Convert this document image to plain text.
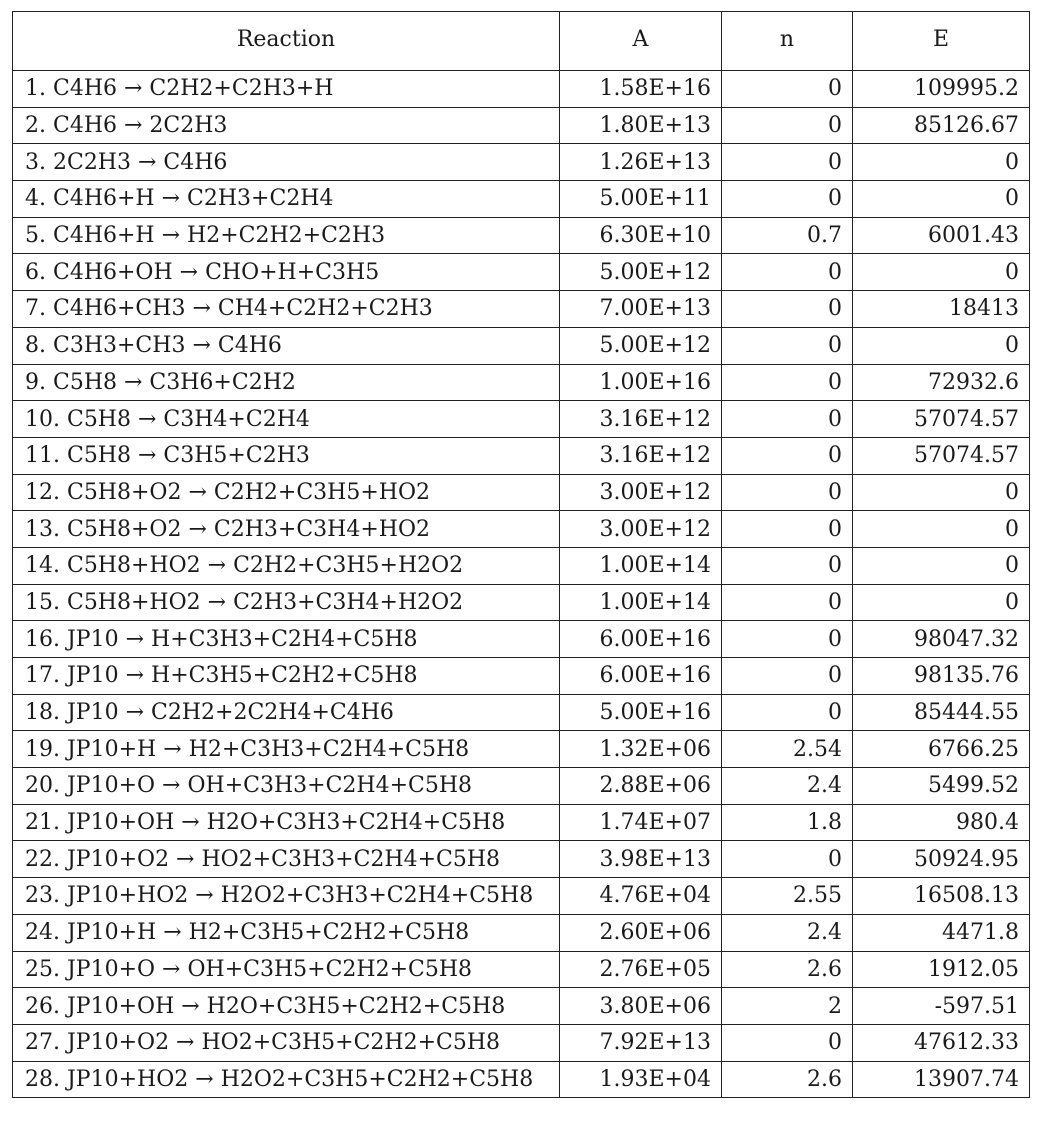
Reaction	A	n	E
1. C4H6 → C2H2+C2H3+H	1.58E+16	0	109995.2
2. C4H6 → 2C2H3	1.80E+13	0	85126.67
3. 2C2H3 → C4H6	1.26E+13	0	0
4. C4H6+H → C2H3+C2H4	5.00E+11	0	0
5. C4H6+H → H2+C2H2+C2H3	6.30E+10	0.7	6001.43
6. C4H6+OH → CHO+H+C3H5	5.00E+12	0	0
7. C4H6+CH3 → CH4+C2H2+C2H3	7.00E+13	0	18413
8. C3H3+CH3 → C4H6	5.00E+12	0	0
9. C5H8 → C3H6+C2H2	1.00E+16	0	72932.6
10. C5H8 → C3H4+C2H4	3.16E+12	0	57074.57
11. C5H8 → C3H5+C2H3	3.16E+12	0	57074.57
12. C5H8+O2 → C2H2+C3H5+HO2	3.00E+12	0	0
13. C5H8+O2 → C2H3+C3H4+HO2	3.00E+12	0	0
14. C5H8+HO2 → C2H2+C3H5+H2O2	1.00E+14	0	0
15. C5H8+HO2 → C2H3+C3H4+H2O2	1.00E+14	0	0
16. JP10 → H+C3H3+C2H4+C5H8	6.00E+16	0	98047.32
17. JP10 → H+C3H5+C2H2+C5H8	6.00E+16	0	98135.76
18. JP10 → C2H2+2C2H4+C4H6	5.00E+16	0	85444.55
19. JP10+H → H2+C3H3+C2H4+C5H8	1.32E+06	2.54	6766.25
20. JP10+O → OH+C3H3+C2H4+C5H8	2.88E+06	2.4	5499.52
21. JP10+OH → H2O+C3H3+C2H4+C5H8	1.74E+07	1.8	980.4
22. JP10+O2 → HO2+C3H3+C2H4+C5H8	3.98E+13	0	50924.95
23. JP10+HO2 → H2O2+C3H3+C2H4+C5H8	4.76E+04	2.55	16508.13
24. JP10+H → H2+C3H5+C2H2+C5H8	2.60E+06	2.4	4471.8
25. JP10+O → OH+C3H5+C2H2+C5H8	2.76E+05	2.6	1912.05
26. JP10+OH → H2O+C3H5+C2H2+C5H8	3.80E+06	2	-597.51
27. JP10+O2 → HO2+C3H5+C2H2+C5H8	7.92E+13	0	47612.33
28. JP10+HO2 → H2O2+C3H5+C2H2+C5H8	1.93E+04	2.6	13907.74
